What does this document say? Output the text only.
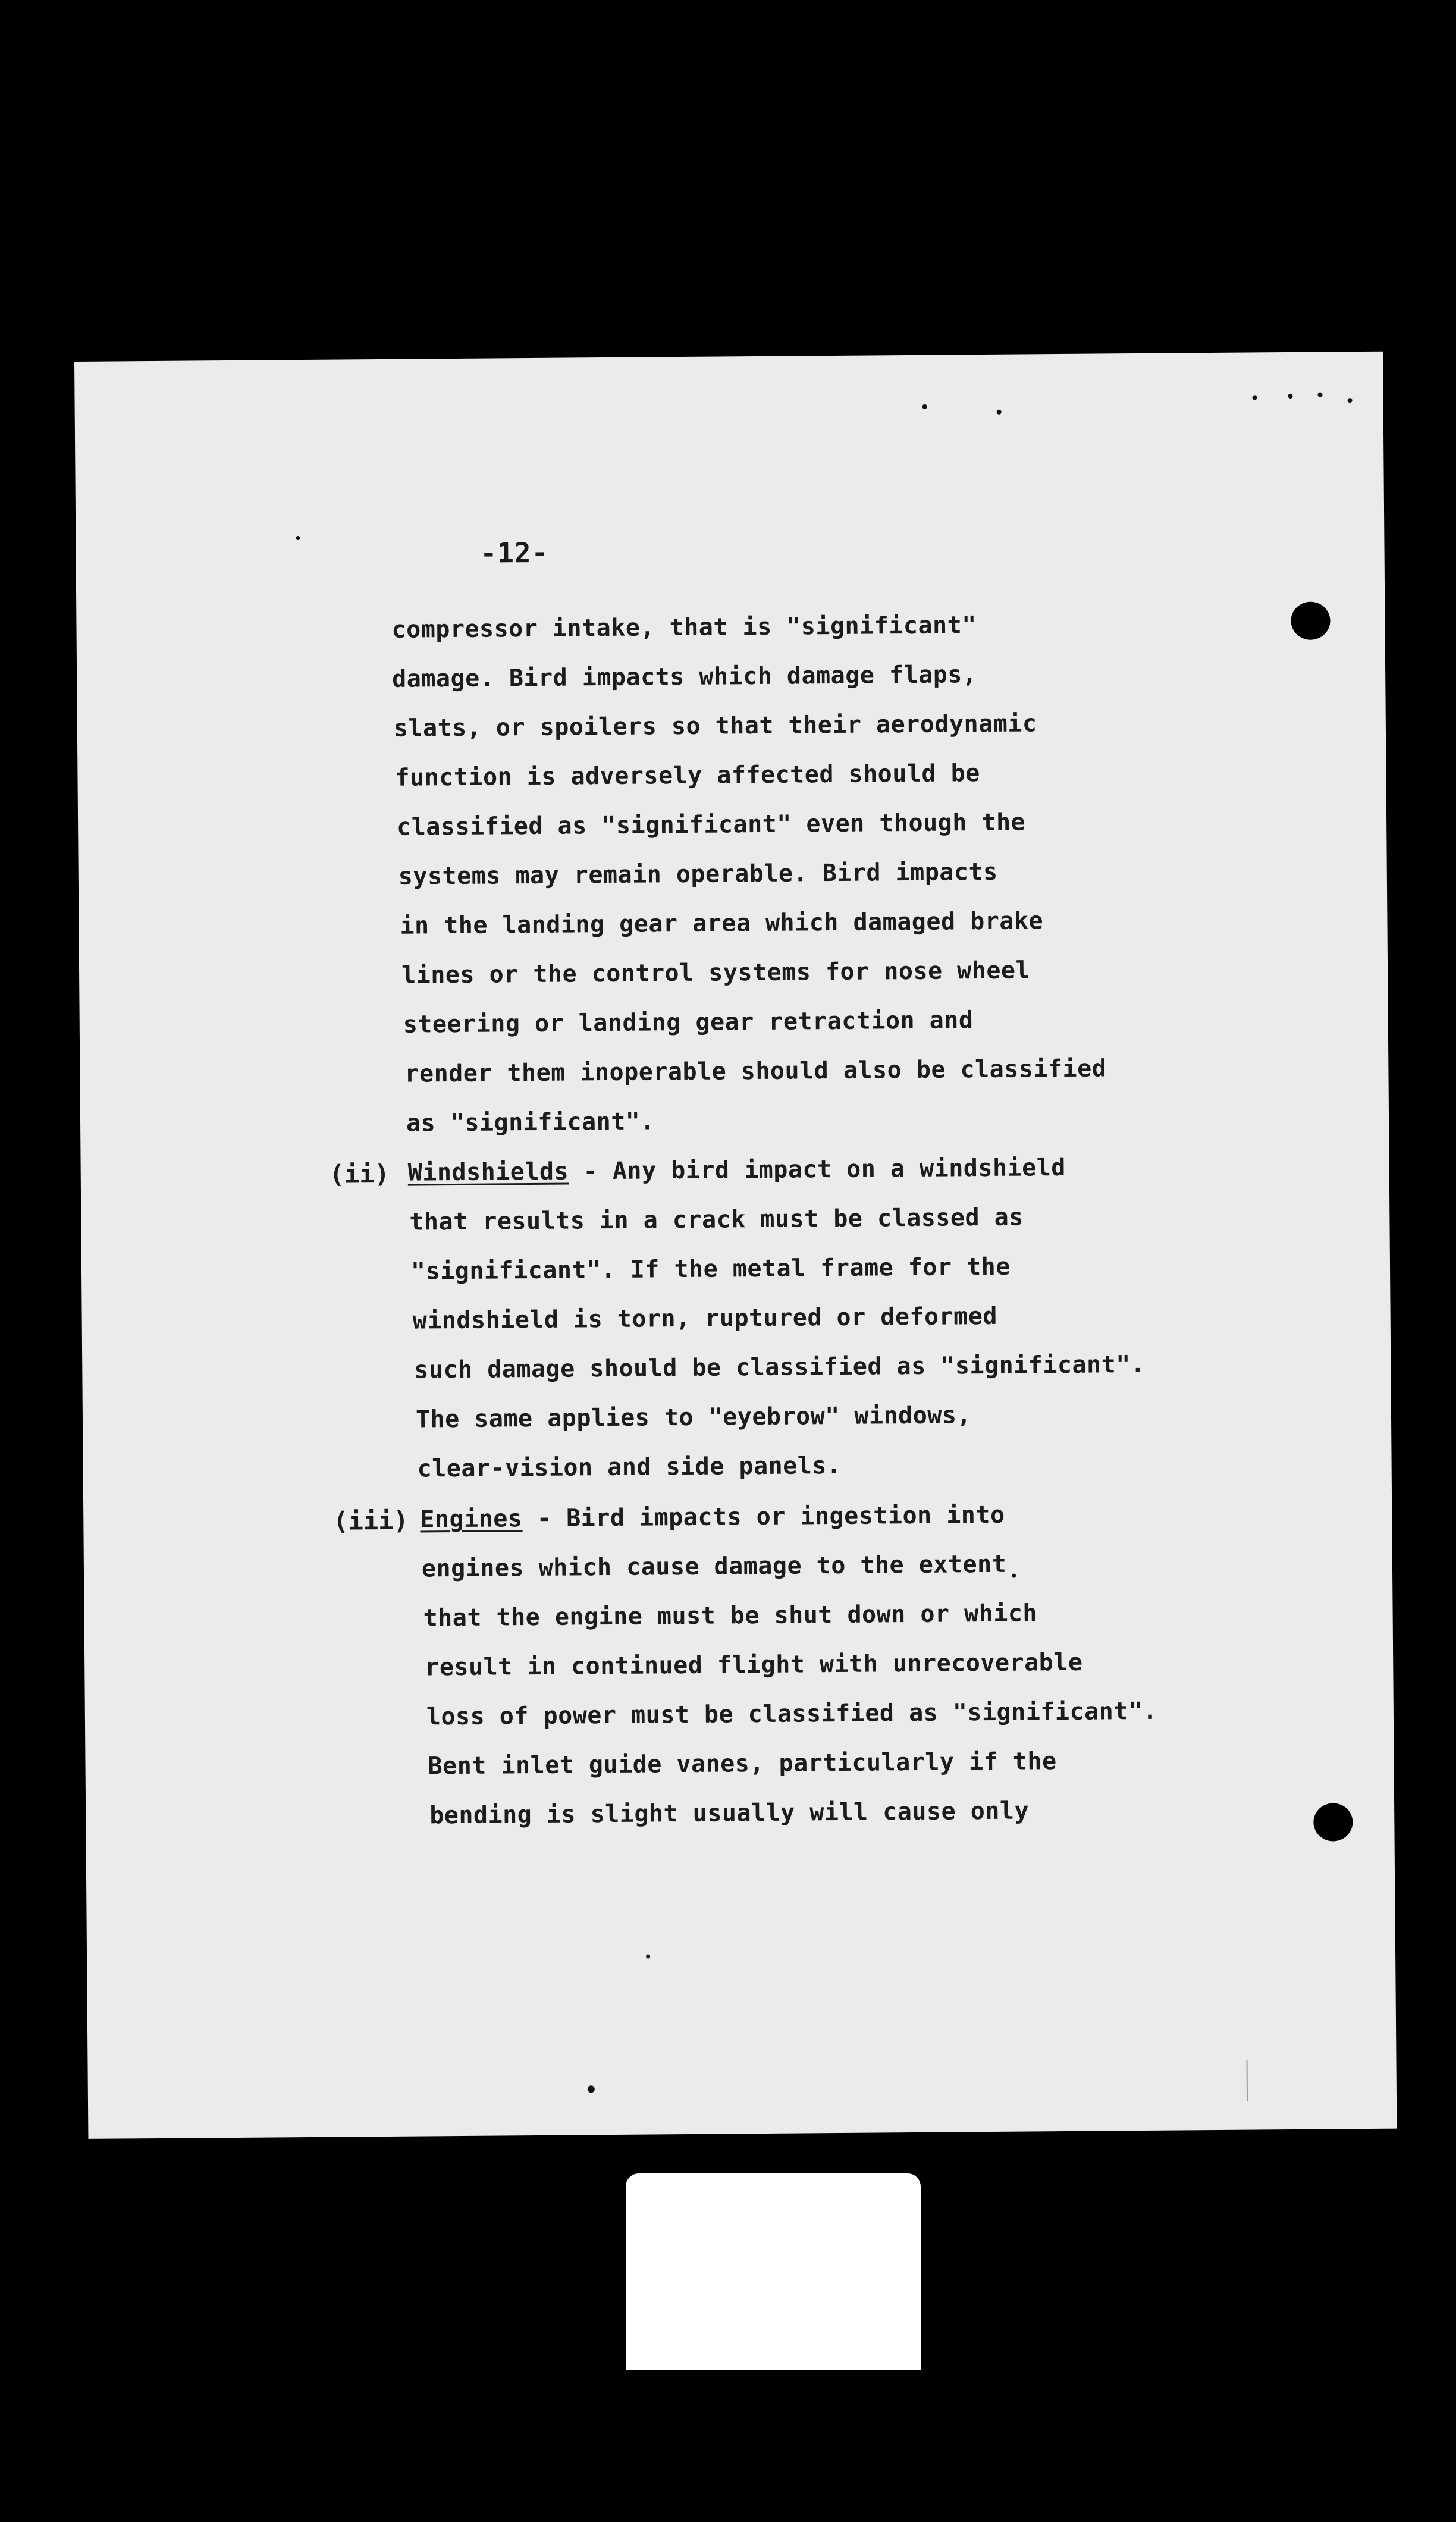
-12-
compressor intake, that is "significant"
damage. Bird impacts which damage flaps,
slats, or spoilers so that their aerodynamic
function is adversely affected should be
classified as "significant" even though the
systems may remain operable. Bird impacts
in the landing gear area which damaged brake
lines or the control systems for nose wheel
steering or landing gear retraction and
render them inoperable should also be classified
as "significant".
(ii) Windshields - Any bird impact on a windshield
that results in a crack must be classed as
"significant". If the metal frame for the
windshield is torn, ruptured or deformed
such damage should be classified as "significant".
The same applies to "eyebrow" windows,
clear-vision and side panels.
(iii) Engines - Bird impacts or ingestion into
engines which cause damage to the extent
that the engine must be shut down or which
result in continued flight with unrecoverable
loss of power must be classified as "significant".
Bent inlet guide vanes, particularly if the
bending is slight usually will cause only
